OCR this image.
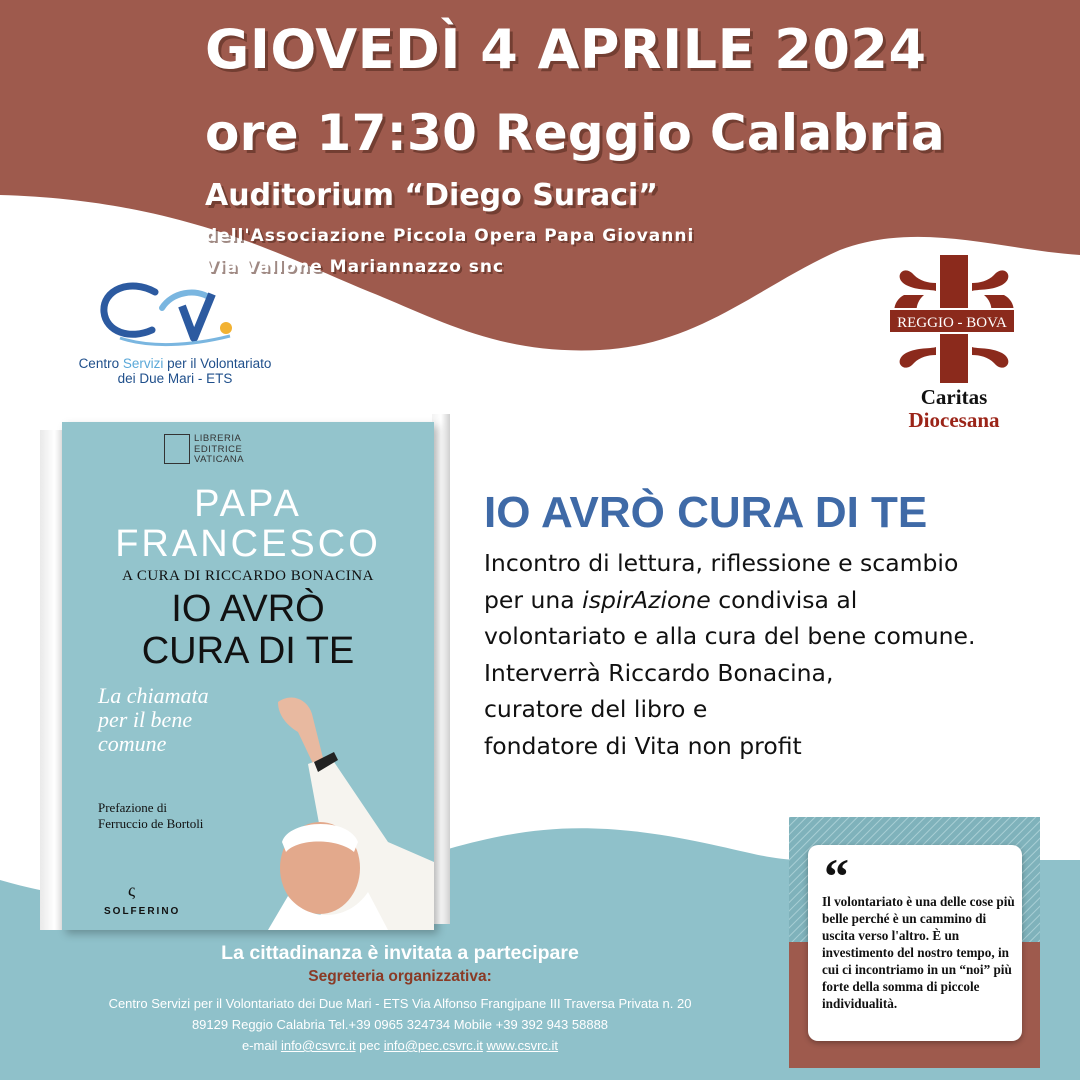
GIOVEDÌ 4 APRILE 2024
ore 17:30 Reggio Calabria
Auditorium “Diego Suraci”
dell'Associazione Piccola Opera Papa Giovanni
Via Vallone Mariannazzo snc
Centro Servizi per il Volontariato
dei Due Mari - ETS
REGGIO - BOVA
Caritas
Diocesana
LIBRERIA
EDITRICE
VATICANA
PAPA
FRANCESCO
A CURA DI RICCARDO BONACINA
IO AVRÒ
CURA DI TE
La chiamata
per il bene
comune
Prefazione di
Ferruccio de Bortoli
ς
SOLFERINO
IO AVRÒ CURA DI TE
Incontro di lettura, riflessione e scambio
per una ispirAzione condivisa al
volontariato e alla cura del bene comune.
Interverrà Riccardo Bonacina,
curatore del libro e
fondatore di Vita non profit
“
Il volontariato è una delle cose più belle perché è un cammino di uscita verso l'altro. È un investimento del nostro tempo, in cui ci incontriamo in un “noi” più forte della somma di piccole individualità.
La cittadinanza è invitata a partecipare
Segreteria organizzativa:
Centro Servizi per il Volontariato dei Due Mari - ETS Via Alfonso Frangipane III Traversa Privata n. 20
89129 Reggio Calabria Tel.+39 0965 324734 Mobile +39 392 943 58888
e-mail info@csvrc.it pec info@pec.csvrc.it www.csvrc.it
